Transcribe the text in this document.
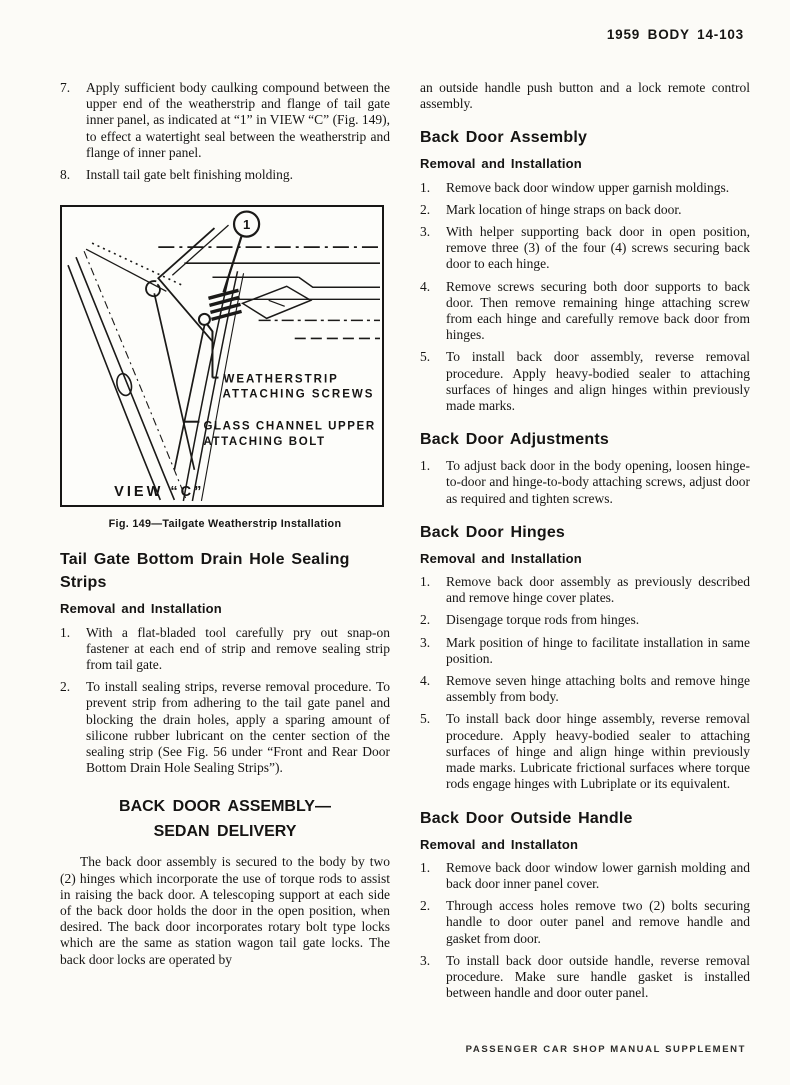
1959 BODY 14-103
7.	Apply sufficient body caulking compound between the upper end of the weatherstrip and flange of tail gate inner panel, as indicated at “1” in VIEW “C” (Fig. 149), to effect a watertight seal between the weatherstrip and flange of inner panel.
8.	Install tail gate belt finishing molding.
1
WEATHERSTRIP
ATTACHING SCREWS
GLASS CHANNEL UPPER
ATTACHING BOLT
VIEW “C”
Fig. 149—Tailgate Weatherstrip Installation
Tail Gate Bottom Drain Hole Sealing Strips
Removal and Installation
1.	With a flat-bladed tool carefully pry out snap-on fastener at each end of strip and remove sealing strip from tail gate.
2.	To install sealing strips, reverse removal procedure. To prevent strip from adhering to the tail gate panel and blocking the drain holes, apply a sparing amount of silicone rubber lubricant on the center section of the sealing strip (See Fig. 56 under “Front and Rear Door Bottom Drain Hole Sealing Strips”).
BACK DOOR ASSEMBLY—
SEDAN DELIVERY

The back door assembly is secured to the body by two (2) hinges which incorporate the use of torque rods to assist in raising the back door. A telescoping support at each side of the back door holds the door in the open position, when desired. The back door incorporates rotary bolt type locks which are the same as station wagon tail gate locks. The back door locks are operated by

an outside handle push button and a lock remote control assembly.

Back Door Assembly
Removal and Installation
1.	Remove back door window upper garnish moldings.
2.	Mark location of hinge straps on back door.
3.	With helper supporting back door in open position, remove three (3) of the four (4) screws securing back door to each hinge.
4.	Remove screws securing both door supports to back door. Then remove remaining hinge attaching screw from each hinge and carefully remove back door from hinges.
5.	To install back door assembly, reverse removal procedure. Apply heavy-bodied sealer to attaching surfaces of hinges and align hinges within previously made marks.
Back Door Adjustments
1.	To adjust back door in the body opening, loosen hinge-to-door and hinge-to-body attaching screws, adjust door as required and tighten screws.
Back Door Hinges
Removal and Installation
1.	Remove back door assembly as previously described and remove hinge cover plates.
2.	Disengage torque rods from hinges.
3.	Mark position of hinge to facilitate installation in same position.
4.	Remove seven hinge attaching bolts and remove hinge assembly from body.
5.	To install back door hinge assembly, reverse removal procedure. Apply heavy-bodied sealer to attaching surfaces of hinge and align hinge within previously made marks. Lubricate frictional surfaces where torque rods engage hinges with Lubriplate or its equivalent.
Back Door Outside Handle
Removal and Installaton
1.	Remove back door window lower garnish molding and back door inner panel cover.
2.	Through access holes remove two (2) bolts securing handle to door outer panel and remove handle and gasket from door.
3.	To install back door outside handle, reverse removal procedure. Make sure handle gasket is installed between handle and door outer panel.
PASSENGER CAR SHOP MANUAL SUPPLEMENT
